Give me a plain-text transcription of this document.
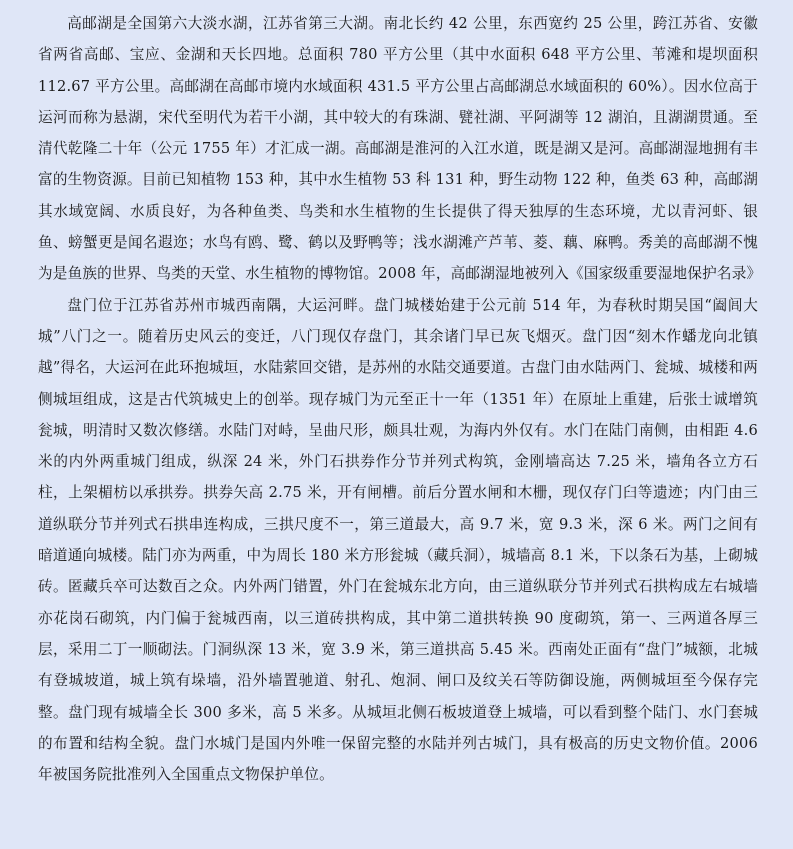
高邮湖是全国第六大淡水湖，江苏省第三大湖。南北长约 42 公里，东西宽约 25 公里，跨江苏省、安徽省两省高邮、宝应、金湖和天长四地。总面积 780 平方公里（其中水面积 648 平方公里、苇滩和堤坝面积 112.67 平方公里。高邮湖在高邮市境内水域面积 431.5 平方公里占高邮湖总水域面积的 60%）。因水位高于运河而称为悬湖，宋代至明代为若干小湖，其中较大的有珠湖、甓社湖、平阿湖等 12 湖泊，且湖湖贯通。至清代乾隆二十年（公元 1755 年）才汇成一湖。高邮湖是淮河的入江水道，既是湖又是河。高邮湖湿地拥有丰富的生物资源。目前已知植物 153 种，其中水生植物 53 科 131 种，野生动物 122 种，鱼类 63 种，高邮湖其水域宽阔、水质良好，为各种鱼类、鸟类和水生植物的生长提供了得天独厚的生态环境，尤以青河虾、银鱼、螃蟹更是闻名遐迩；水鸟有鸥、鹭、鹤以及野鸭等；浅水湖滩产芦苇、菱、藕、麻鸭。秀美的高邮湖不愧为是鱼族的世界、鸟类的天堂、水生植物的博物馆。2008 年，高邮湖湿地被列入《国家级重要湿地保护名录》

盘门位于江苏省苏州市城西南隅，大运河畔。盘门城楼始建于公元前 514 年，为春秋时期吴国“阖闾大城”八门之一。随着历史风云的变迁，八门现仅存盘门，其余诸门早已灰飞烟灭。盘门因“刻木作蟠龙向北镇越”得名，大运河在此环抱城垣，水陆萦回交错，是苏州的水陆交通要道。古盘门由水陆两门、瓮城、城楼和两侧城垣组成，这是古代筑城史上的创举。现存城门为元至正十一年（1351 年）在原址上重建，后张士诚增筑瓮城，明清时又数次修缮。水陆门对峙，呈曲尺形，颇具壮观，为海内外仅有。水门在陆门南侧，由相距 4.6 米的内外两重城门组成，纵深 24 米，外门石拱券作分节并列式构筑，金刚墙高达 7.25 米，墙角各立方石柱，上架楣枋以承拱券。拱券矢高 2.75 米，开有闸槽。前后分置水闸和木栅，现仅存门臼等遗迹；内门由三道纵联分节并列式石拱串连构成，三拱尺度不一，第三道最大，高 9.7 米，宽 9.3 米，深 6 米。两门之间有暗道通向城楼。陆门亦为两重，中为周长 180 米方形瓮城（藏兵洞），城墙高 8.1 米，下以条石为基，上砌城砖。匿藏兵卒可达数百之众。内外两门错置，外门在瓮城东北方向，由三道纵联分节并列式石拱构成左右城墙亦花岗石砌筑，内门偏于瓮城西南，以三道砖拱构成，其中第二道拱转换 90 度砌筑，第一、三两道各厚三层，采用二丁一顺砌法。门洞纵深 13 米，宽 3.9 米，第三道拱高 5.45 米。西南处正面有“盘门”城额，北城有登城坡道，城上筑有垛墙，沿外墙置驰道、射孔、炮洞、闸口及纹关石等防御设施，两侧城垣至今保存完整。盘门现有城墙全长 300 多米，高 5 米多。从城垣北侧石板坡道登上城墙，可以看到整个陆门、水门套城的布置和结构全貌。盘门水城门是国内外唯一保留完整的水陆并列古城门，具有极高的历史文物价值。2006 年被国务院批准列入全国重点文物保护单位。
